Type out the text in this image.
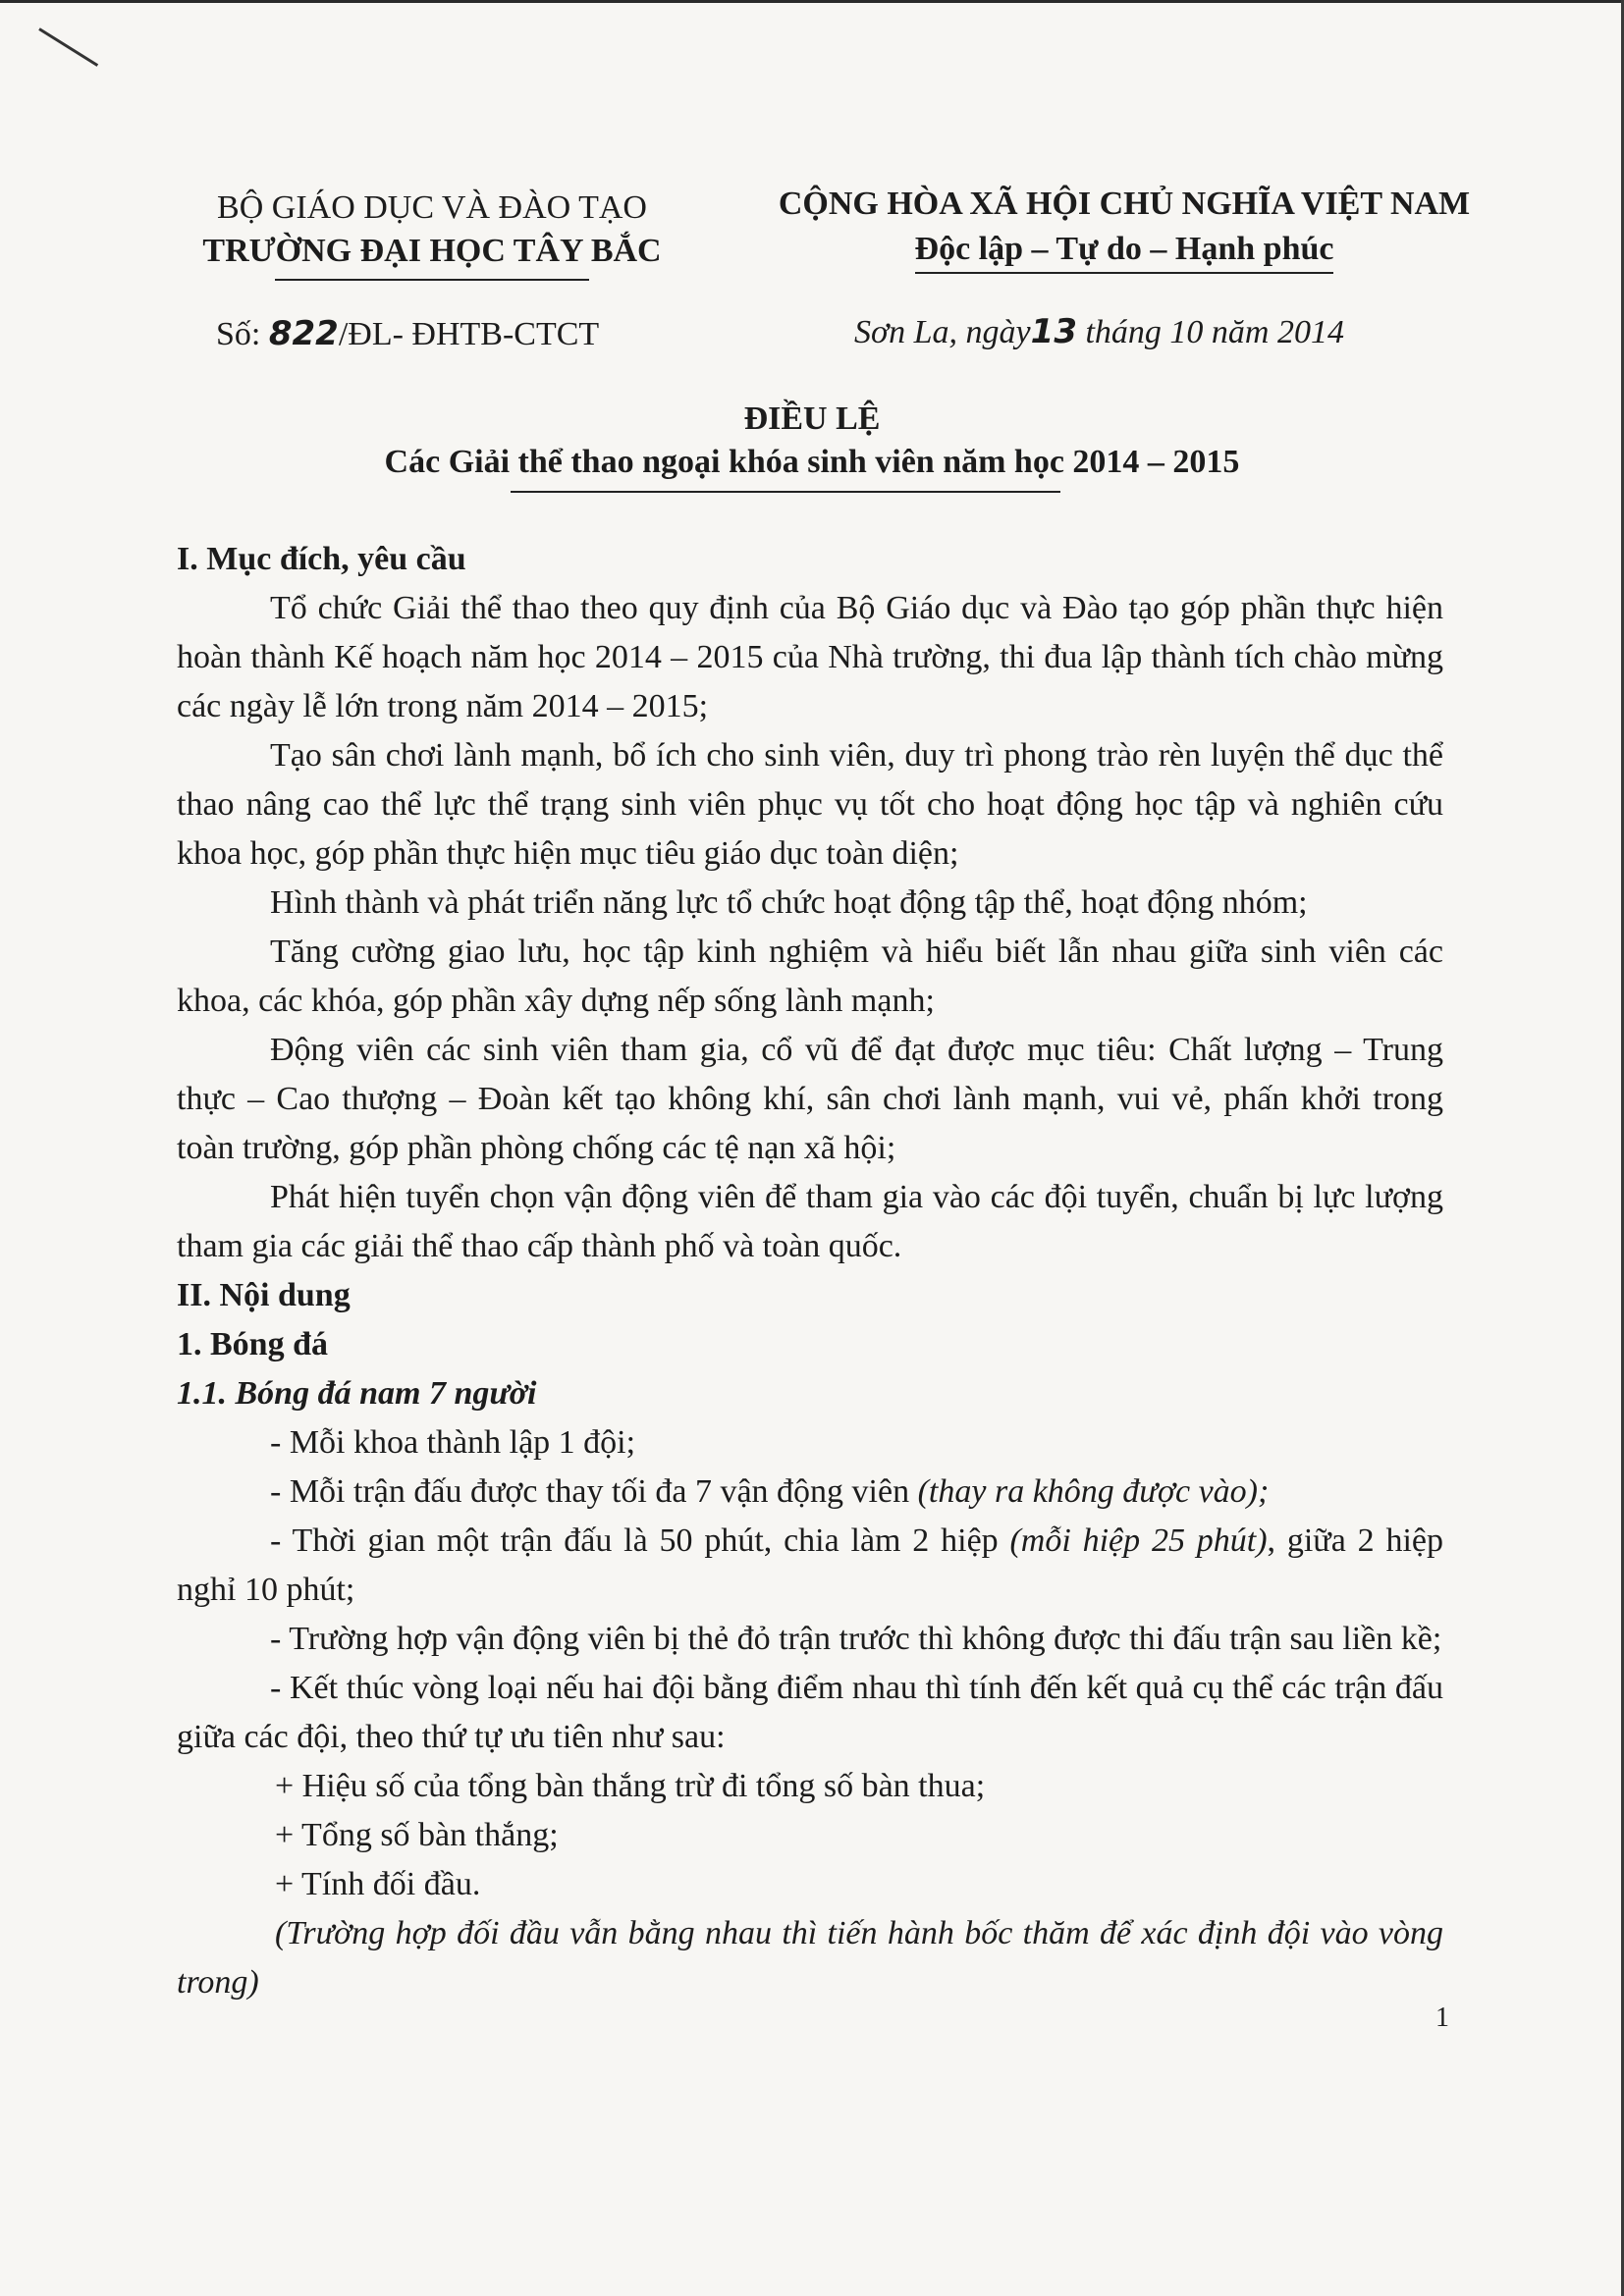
BỘ GIÁO DỤC VÀ ĐÀO TẠO
TRƯỜNG ĐẠI HỌC TÂY BẮC
CỘNG HÒA XÃ HỘI CHỦ NGHĨA VIỆT NAM
Độc lập – Tự do – Hạnh phúc
Số: 822/ĐL- ĐHTB-CTCT	Sơn La, ngày13 tháng 10 năm 2014
ĐIỀU LỆ
Các Giải thể thao ngoại khóa sinh viên năm học 2014 – 2015

I. Mục đích, yêu cầu

Tổ chức Giải thể thao theo quy định của Bộ Giáo dục và Đào tạo góp phần thực hiện hoàn thành Kế hoạch năm học 2014 – 2015 của Nhà trường, thi đua lập thành tích chào mừng các ngày lễ lớn trong năm 2014 – 2015;

Tạo sân chơi lành mạnh, bổ ích cho sinh viên, duy trì phong trào rèn luyện thể dục thể thao nâng cao thể lực thể trạng sinh viên phục vụ tốt cho hoạt động học tập và nghiên cứu khoa học, góp phần thực hiện mục tiêu giáo dục toàn diện;

Hình thành và phát triển năng lực tổ chức hoạt động tập thể, hoạt động nhóm;

Tăng cường giao lưu, học tập kinh nghiệm và hiểu biết lẫn nhau giữa sinh viên các khoa, các khóa, góp phần xây dựng nếp sống lành mạnh;

Động viên các sinh viên tham gia, cổ vũ để đạt được mục tiêu: Chất lượng – Trung thực – Cao thượng – Đoàn kết tạo không khí, sân chơi lành mạnh, vui vẻ, phấn khởi trong toàn trường, góp phần phòng chống các tệ nạn xã hội;

Phát hiện tuyển chọn vận động viên để tham gia vào các đội tuyển, chuẩn bị lực lượng tham gia các giải thể thao cấp thành phố và toàn quốc.

II. Nội dung

1. Bóng đá

1.1. Bóng đá nam 7 người

- Mỗi khoa thành lập 1 đội;

- Mỗi trận đấu được thay tối đa 7 vận động viên (thay ra không được vào);

- Thời gian một trận đấu là 50 phút, chia làm 2 hiệp (mỗi hiệp 25 phút), giữa 2 hiệp nghỉ 10 phút;

- Trường hợp vận động viên bị thẻ đỏ trận trước thì không được thi đấu trận sau liền kề;

- Kết thúc vòng loại nếu hai đội bằng điểm nhau thì tính đến kết quả cụ thể các trận đấu giữa các đội, theo thứ tự ưu tiên như sau:

+ Hiệu số của tổng bàn thắng trừ đi tổng số bàn thua;

+ Tổng số bàn thắng;

+ Tính đối đầu.

(Trường hợp đối đầu vẫn bằng nhau thì tiến hành bốc thăm để xác định đội vào vòng trong)

1
